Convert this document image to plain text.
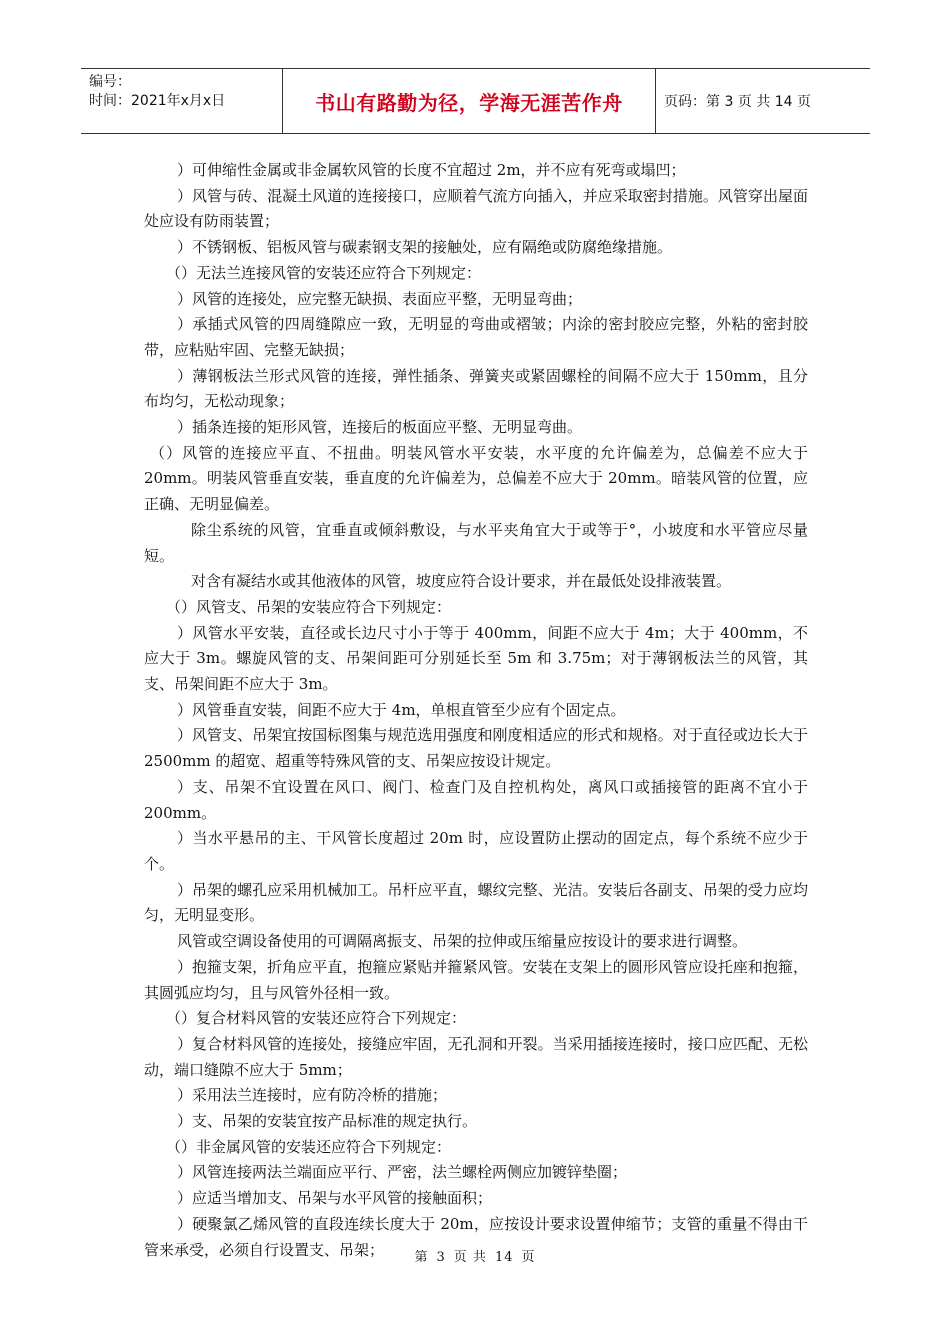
编号：
时间：2021年x月x日	书山有路勤为径，学海无涯苦作舟	页码：第 3 页 共 14 页

）可伸缩性金属或非金属软风管的长度不宜超过 2m，并不应有死弯或塌凹；

）风管与砖、混凝土风道的连接接口，应顺着气流方向插入，并应采取密封措施。风管穿出屋面处应设有防雨装置；

）不锈钢板、铝板风管与碳素钢支架的接触处，应有隔绝或防腐绝缘措施。

（）无法兰连接风管的安装还应符合下列规定：

）风管的连接处，应完整无缺损、表面应平整，无明显弯曲；

）承插式风管的四周缝隙应一致，无明显的弯曲或褶皱；内涂的密封胶应完整，外粘的密封胶带，应粘贴牢固、完整无缺损；

）薄钢板法兰形式风管的连接，弹性插条、弹簧夹或紧固螺栓的间隔不应大于 150mm，且分布均匀，无松动现象；

）插条连接的矩形风管，连接后的板面应平整、无明显弯曲。

（）风管的连接应平直、不扭曲。明装风管水平安装，水平度的允许偏差为，总偏差不应大于 20mm。明装风管垂直安装，垂直度的允许偏差为，总偏差不应大于 20mm。暗装风管的位置，应正确、无明显偏差。

除尘系统的风管，宜垂直或倾斜敷设，与水平夹角宜大于或等于°，小坡度和水平管应尽量短。

对含有凝结水或其他液体的风管，坡度应符合设计要求，并在最低处设排液装置。

（）风管支、吊架的安装应符合下列规定：

）风管水平安装，直径或长边尺寸小于等于 400mm，间距不应大于 4m；大于 400mm，不应大于 3m。螺旋风管的支、吊架间距可分别延长至 5m 和 3.75m；对于薄钢板法兰的风管，其支、吊架间距不应大于 3m。

）风管垂直安装，间距不应大于 4m，单根直管至少应有个固定点。

）风管支、吊架宜按国标图集与规范选用强度和刚度相适应的形式和规格。对于直径或边长大于 2500mm 的超宽、超重等特殊风管的支、吊架应按设计规定。

）支、吊架不宜设置在风口、阀门、检查门及自控机构处，离风口或插接管的距离不宜小于 200mm。

）当水平悬吊的主、干风管长度超过 20m 时，应设置防止摆动的固定点，每个系统不应少于个。

）吊架的螺孔应采用机械加工。吊杆应平直，螺纹完整、光洁。安装后各副支、吊架的受力应均匀，无明显变形。

风管或空调设备使用的可调隔离振支、吊架的拉伸或压缩量应按设计的要求进行调整。

）抱箍支架，折角应平直，抱箍应紧贴并箍紧风管。安装在支架上的圆形风管应设托座和抱箍，其圆弧应均匀，且与风管外径相一致。

（）复合材料风管的安装还应符合下列规定：

）复合材料风管的连接处，接缝应牢固，无孔洞和开裂。当采用插接连接时，接口应匹配、无松动，端口缝隙不应大于 5mm；

）采用法兰连接时，应有防冷桥的措施；

）支、吊架的安装宜按产品标准的规定执行。

（）非金属风管的安装还应符合下列规定：

）风管连接两法兰端面应平行、严密，法兰螺栓两侧应加镀锌垫圈；

）应适当增加支、吊架与水平风管的接触面积；

）硬聚氯乙烯风管的直段连续长度大于 20m，应按设计要求设置伸缩节；支管的重量不得由干管来承受，必须自行设置支、吊架；	第 3 页 共 14 页
